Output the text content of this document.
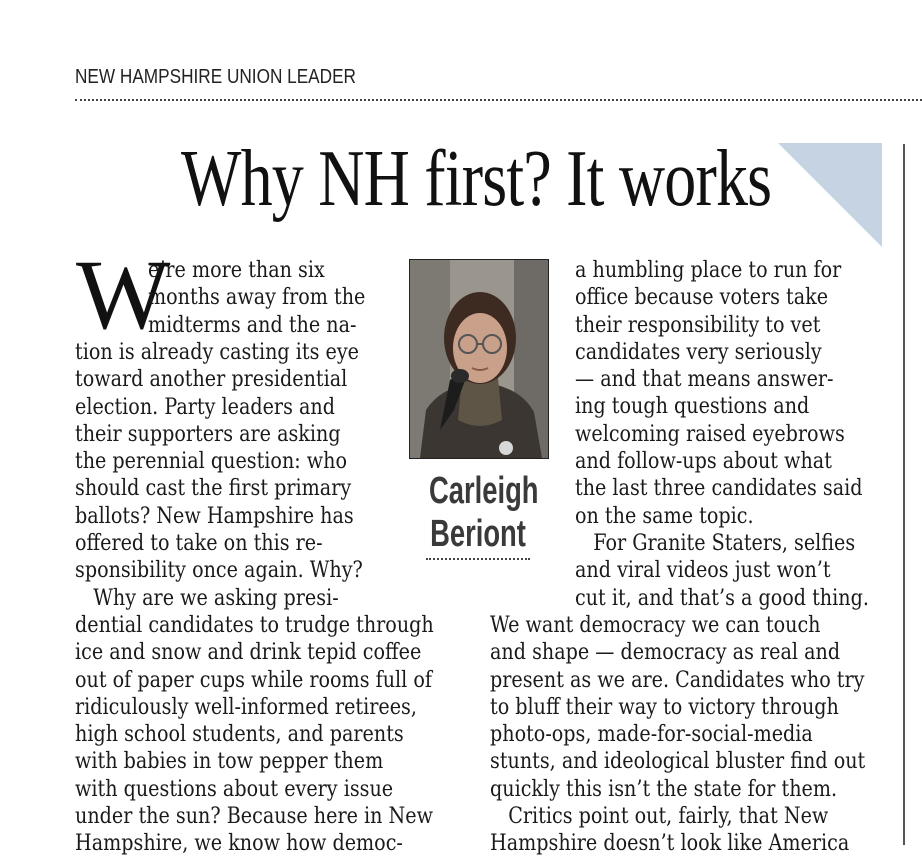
NEW HAMPSHIRE UNION LEADER
Why NH first? It works
W
e’re more than six
months away from the
midterms and the na-
tion is already casting its eye
toward another presidential
election. Party leaders and
their supporters are asking
the perennial question: who
should cast the first primary
ballots? New Hampshire has
offered to take on this re-
sponsibility once again. Why?
Why are we asking presi-
dential candidates to trudge through
ice and snow and drink tepid coffee
out of paper cups while rooms full of
ridiculously well-informed retirees,
high school students, and parents
with babies in tow pepper them
with questions about every issue
under the sun? Because here in New
Hampshire, we know how democ-
Carleigh
Beriont
a humbling place to run for
office because voters take
their responsibility to vet
candidates very seriously
— and that means answer-
ing tough questions and
welcoming raised eyebrows
and follow-ups about what
the last three candidates said
on the same topic.
For Granite Staters, selfies
and viral videos just won’t
cut it, and that’s a good thing.
We want democracy we can touch
and shape — democracy as real and
present as we are. Candidates who try
to bluff their way to victory through
photo-ops, made-for-social-media
stunts, and ideological bluster find out
quickly this isn’t the state for them.
Critics point out, fairly, that New
Hampshire doesn’t look like America
